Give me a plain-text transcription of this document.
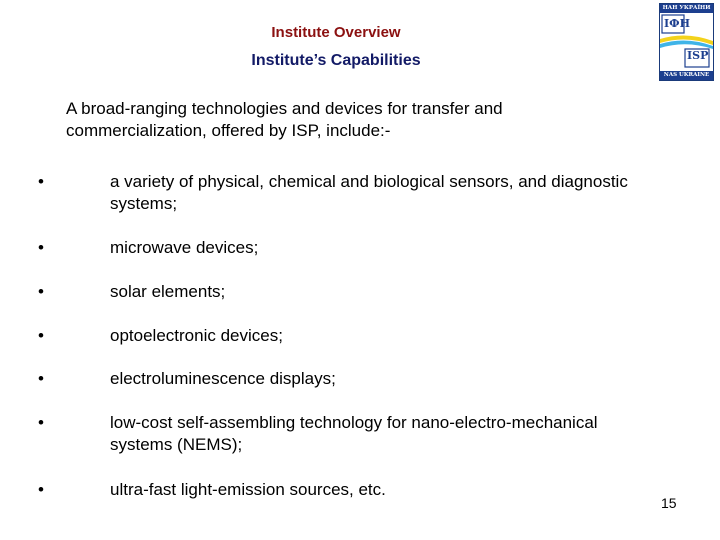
Institute Overview
Institute’s Capabilities
НАН УКРАЇНИ
ІФН
ISP
NAS UKRAINE
A broad-ranging technologies and devices for transfer and commercialization, offered by ISP, include:-
•	a variety of physical, chemical and biological sensors, and diagnostic systems;
•	microwave devices;
•	solar elements;
•	optoelectronic devices;
•	electroluminescence displays;
•	low-cost self-assembling technology for nano-electro-mechanical systems (NEMS);
•	ultra-fast light-emission sources, etc.
15
